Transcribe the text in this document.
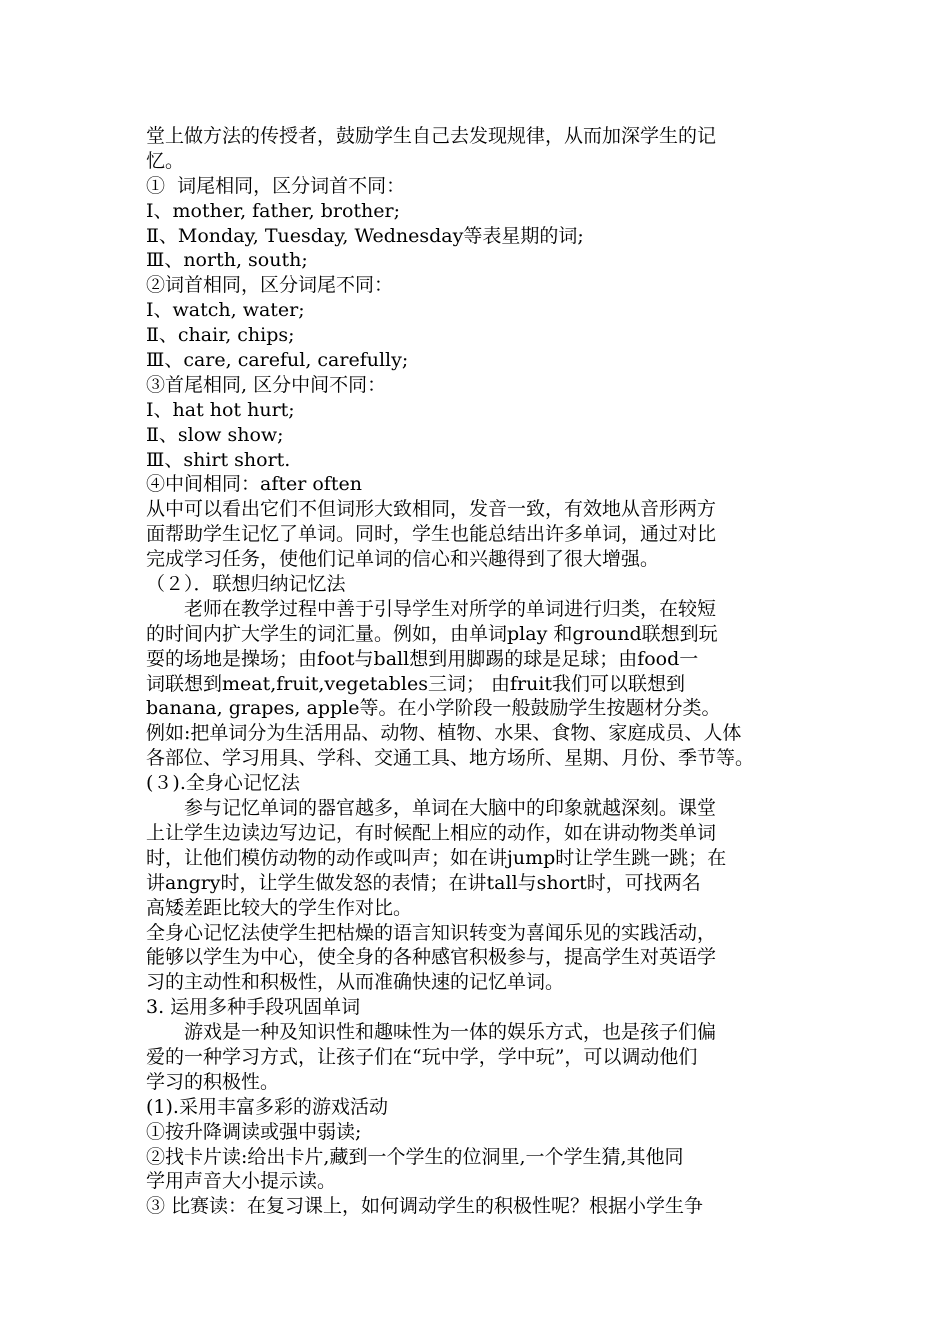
堂上做方法的传授者，鼓励学生自己去发现规律，从而加深学生的记
忆。
①  词尾相同，区分词首不同：
Ⅰ、mother, father, brother;
Ⅱ、Monday, Tuesday, Wednesday等表星期的词;
Ⅲ、north, south;
②词首相同，区分词尾不同：
Ⅰ、watch, water;
Ⅱ、chair, chips;
Ⅲ、care, careful, carefully;
③首尾相同, 区分中间不同：
Ⅰ、hat hot hurt;
Ⅱ、slow show;
Ⅲ、shirt short.
④中间相同：after often
从中可以看出它们不但词形大致相同，发音一致，有效地从音形两方
面帮助学生记忆了单词。同时，学生也能总结出许多单词，通过对比
完成学习任务，使他们记单词的信心和兴趣得到了很大增强。
（２）．联想归纳记忆法
老师在教学过程中善于引导学生对所学的单词进行归类，在较短
的时间内扩大学生的词汇量。例如，由单词play 和ground联想到玩
耍的场地是操场；由foot与ball想到用脚踢的球是足球；由food一
词联想到meat,fruit,vegetables三词； 由fruit我们可以联想到
banana, grapes, apple等。在小学阶段一般鼓励学生按题材分类。
例如:把单词分为生活用品、动物、植物、水果、食物、家庭成员、人体
各部位、学习用具、学科、交通工具、地方场所、星期、月份、季节等。
(３).全身心记忆法
参与记忆单词的器官越多，单词在大脑中的印象就越深刻。课堂
上让学生边读边写边记，有时候配上相应的动作，如在讲动物类单词
时，让他们模仿动物的动作或叫声；如在讲jump时让学生跳一跳；在
讲angry时，让学生做发怒的表情；在讲tall与short时，可找两名
高矮差距比较大的学生作对比。
全身心记忆法使学生把枯燥的语言知识转变为喜闻乐见的实践活动，
能够以学生为中心，使全身的各种感官积极参与，提高学生对英语学
习的主动性和积极性，从而准确快速的记忆单词。
3. 运用多种手段巩固单词
游戏是一种及知识性和趣味性为一体的娱乐方式，也是孩子们偏
爱的一种学习方式，让孩子们在“玩中学，学中玩”，可以调动他们
学习的积极性。
(1).采用丰富多彩的游戏活动
①按升降调读或强中弱读;
②找卡片读:给出卡片,藏到一个学生的位洞里,一个学生猜,其他同
学用声音大小提示读。
③ 比赛读：在复习课上，如何调动学生的积极性呢？根据小学生争
